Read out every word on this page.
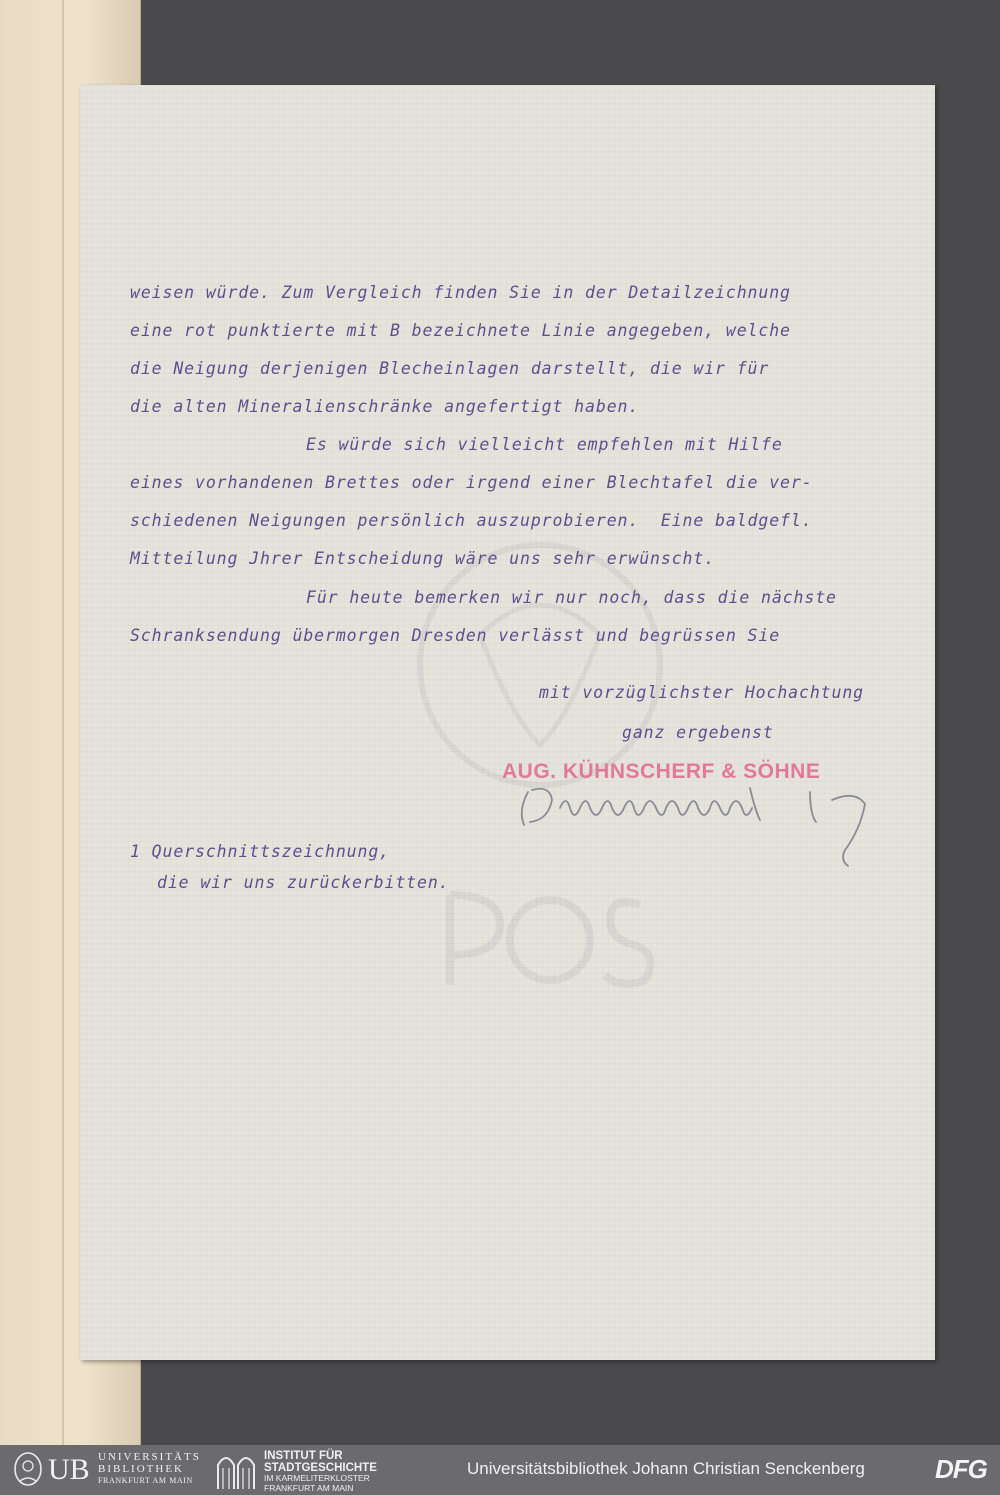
weisen würde. Zum Vergleich finden Sie in der Detailzeichnung

eine rot punktierte mit B bezeichnete Linie angegeben, welche

die Neigung derjenigen Blecheinlagen darstellt, die wir für

die alten Mineralienschränke angefertigt haben.

Es würde sich vielleicht empfehlen mit Hilfe

eines vorhandenen Brettes oder irgend einer Blechtafel die ver-

schiedenen Neigungen persönlich auszuprobieren.  Eine baldgefl.

Mitteilung Jhrer Entscheidung wäre uns sehr erwünscht.

Für heute bemerken wir nur noch, dass die nächste

Schranksendung übermorgen Dresden verlässt und begrüssen Sie

mit vorzüglichster Hochachtung

ganz ergebenst

1 Querschnittszeichnung,

die wir uns zurückerbitten.

AUG. KÜHNSCHERF & SÖHNE

UB UNIVERSITÄTS
BIBLIOTHEK
FRANKFURT AM MAIN

INSTITUT FÜR
STADTGESCHICHTE
IM KARMELITERKLOSTER
FRANKFURT AM MAIN

Universitätsbibliothek Johann Christian Senckenberg	DFG
